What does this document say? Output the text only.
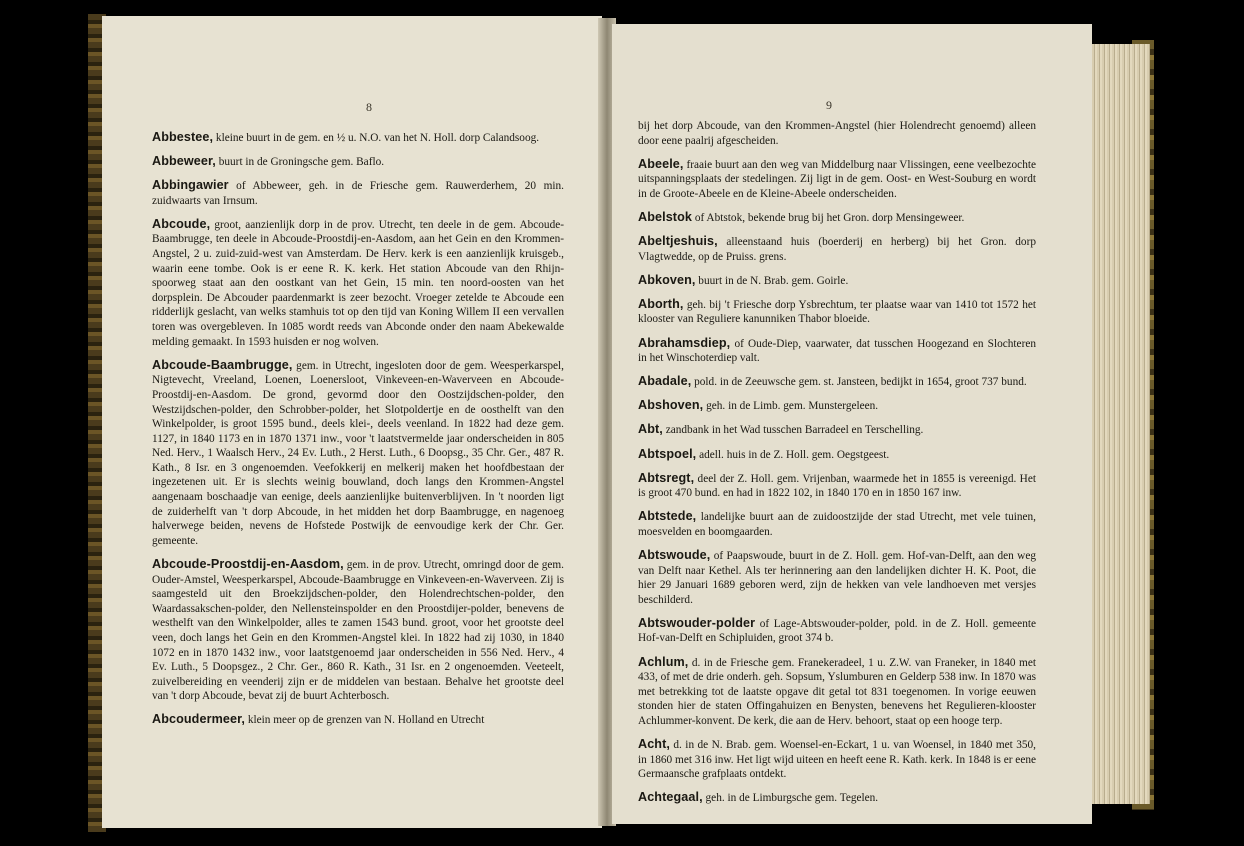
8

Abbestee, kleine buurt in de gem. en ½ u. N.O. van het N. Holl. dorp Calandsoog.

Abbeweer, buurt in de Groningsche gem. Baflo.

Abbingawier of Abbeweer, geh. in de Friesche gem. Rauwerderhem, 20 min. zuidwaarts van Irnsum.

Abcoude, groot, aanzienlijk dorp in de prov. Utrecht, ten deele in de gem. Abcoude-Baambrugge, ten deele in Abcoude-Proostdij-en-Aasdom, aan het Gein en den Krommen-Angstel, 2 u. zuid-zuid-west van Amsterdam. De Herv. kerk is een aanzienlijk kruisgeb., waarin eene tombe. Ook is er eene R. K. kerk. Het station Abcoude van den Rhijn-spoorweg staat aan den oostkant van het Gein, 15 min. ten noord-oosten van het dorpsplein. De Abcouder paardenmarkt is zeer bezocht. Vroeger zetelde te Abcoude een ridderlijk geslacht, van welks stamhuis tot op den tijd van Koning Willem II een vervallen toren was overgebleven. In 1085 wordt reeds van Abconde onder den naam Abekewalde melding gemaakt. In 1593 huisden er nog wolven.

Abcoude-Baambrugge, gem. in Utrecht, ingesloten door de gem. Weesperkarspel, Nigtevecht, Vreeland, Loenen, Loenersloot, Vinkeveen-en-Waverveen en Abcoude-Proostdij-en-Aasdom. De grond, gevormd door den Oostzijdschen-polder, den Westzijdschen-polder, den Schrobber-polder, het Slotpoldertje en de oosthelft van den Winkelpolder, is groot 1595 bund., deels klei-, deels veenland. In 1822 had deze gem. 1127, in 1840 1173 en in 1870 1371 inw., voor 't laatstvermelde jaar onderscheiden in 805 Ned. Herv., 1 Waalsch Herv., 24 Ev. Luth., 2 Herst. Luth., 6 Doopsg., 35 Chr. Ger., 487 R. Kath., 8 Isr. en 3 ongenoemden. Veefokkerij en melkerij maken het hoofdbestaan der ingezetenen uit. Er is slechts weinig bouwland, doch langs den Krommen-Angstel aangenaam boschaadje van eenige, deels aanzienlijke buitenverblijven. In 't noorden ligt de zuiderhelft van 't dorp Abcoude, in het midden het dorp Baambrugge, en nagenoeg halverwege beiden, nevens de Hofstede Postwijk de eenvoudige kerk der Chr. Ger. gemeente.

Abcoude-Proostdij-en-Aasdom, gem. in de prov. Utrecht, omringd door de gem. Ouder-Amstel, Weesperkarspel, Abcoude-Baambrugge en Vinkeveen-en-Waverveen. Zij is saamgesteld uit den Broekzijdschen-polder, den Holendrechtschen-polder, den Waardassakschen-polder, den Nellensteinspolder en den Proostdijer-polder, benevens de westhelft van den Winkelpolder, alles te zamen 1543 bund. groot, voor het grootste deel veen, doch langs het Gein en den Krommen-Angstel klei. In 1822 had zij 1030, in 1840 1072 en in 1870 1432 inw., voor laatstgenoemd jaar onderscheiden in 556 Ned. Herv., 4 Ev. Luth., 5 Doopsgez., 2 Chr. Ger., 860 R. Kath., 31 Isr. en 2 ongenoemden. Veeteelt, zuivelbereiding en veenderij zijn er de middelen van bestaan. Behalve het grootste deel van 't dorp Abcoude, bevat zij de buurt Achterbosch.

Abcoudermeer, klein meer op de grenzen van N. Holland en Utrecht

9

bij het dorp Abcoude, van den Krommen-Angstel (hier Holendrecht genoemd) alleen door eene paalrij afgescheiden.

Abeele, fraaie buurt aan den weg van Middelburg naar Vlissingen, eene veelbezochte uitspanningsplaats der stedelingen. Zij ligt in de gem. Oost- en West-Souburg en wordt in de Groote-Abeele en de Kleine-Abeele onderscheiden.

Abelstok of Abtstok, bekende brug bij het Gron. dorp Mensingeweer.

Abeltjeshuis, alleenstaand huis (boerderij en herberg) bij het Gron. dorp Vlagtwedde, op de Pruiss. grens.

Abkoven, buurt in de N. Brab. gem. Goirle.

Aborth, geh. bij 't Friesche dorp Ysbrechtum, ter plaatse waar van 1410 tot 1572 het klooster van Reguliere kanunniken Thabor bloeide.

Abrahamsdiep, of Oude-Diep, vaarwater, dat tusschen Hoogezand en Slochteren in het Winschoterdiep valt.

Abadale, pold. in de Zeeuwsche gem. st. Jansteen, bedijkt in 1654, groot 737 bund.

Abshoven, geh. in de Limb. gem. Munstergeleen.

Abt, zandbank in het Wad tusschen Barradeel en Terschelling.

Abtspoel, adell. huis in de Z. Holl. gem. Oegstgeest.

Abtsregt, deel der Z. Holl. gem. Vrijenban, waarmede het in 1855 is vereenigd. Het is groot 470 bund. en had in 1822 102, in 1840 170 en in 1850 167 inw.

Abtstede, landelijke buurt aan de zuidoostzijde der stad Utrecht, met vele tuinen, moesvelden en boomgaarden.

Abtswoude, of Paapswoude, buurt in de Z. Holl. gem. Hof-van-Delft, aan den weg van Delft naar Kethel. Als ter herinnering aan den landelijken dichter H. K. Poot, die hier 29 Januari 1689 geboren werd, zijn de hekken van vele landhoeven met versjes beschilderd.

Abtswouder-polder of Lage-Abtswouder-polder, pold. in de Z. Holl. gemeente Hof-van-Delft en Schipluiden, groot 374 b.

Achlum, d. in de Friesche gem. Franekeradeel, 1 u. Z.W. van Franeker, in 1840 met 433, of met de drie onderh. geh. Sopsum, Yslumburen en Gelderp 538 inw. In 1870 was met betrekking tot de laatste opgave dit getal tot 831 toegenomen. In vorige eeuwen stonden hier de staten Offingahuizen en Benysten, benevens het Regulieren-klooster Achlummer-konvent. De kerk, die aan de Herv. behoort, staat op een hooge terp.

Acht, d. in de N. Brab. gem. Woensel-en-Eckart, 1 u. van Woensel, in 1840 met 350, in 1860 met 316 inw. Het ligt wijd uiteen en heeft eene R. Kath. kerk. In 1848 is er eene Germaansche grafplaats ontdekt.

Achtegaal, geh. in de Limburgsche gem. Tegelen.
